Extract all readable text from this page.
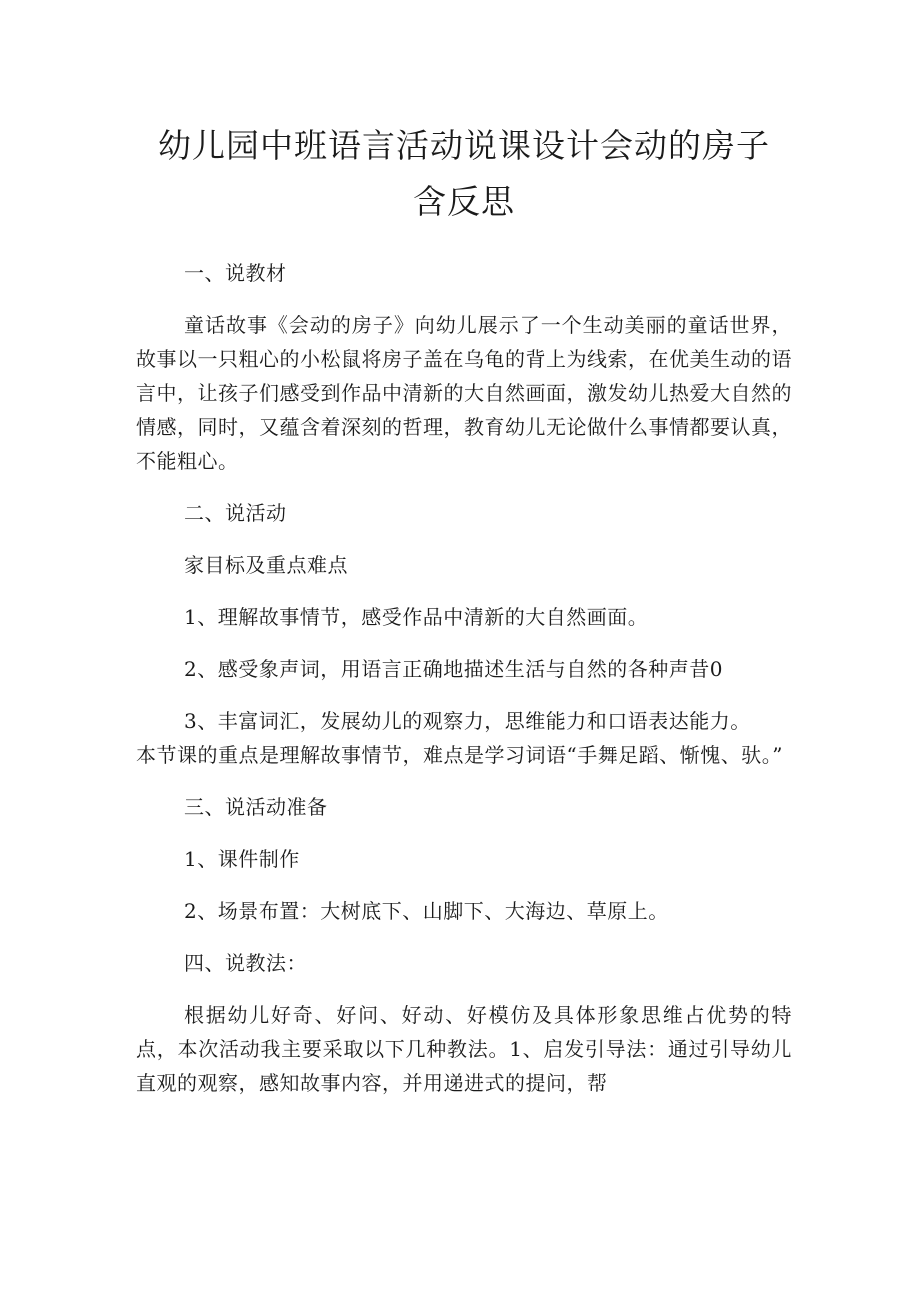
幼儿园中班语言活动说课设计会动的房子
含反思

一、说教材

童话故事《会动的房子》向幼儿展示了一个生动美丽的童话世界，故事以一只粗心的小松鼠将房子盖在乌龟的背上为线索，在优美生动的语言中，让孩子们感受到作品中清新的大自然画面，激发幼儿热爱大自然的情感，同时，又蕴含着深刻的哲理，教育幼儿无论做什么事情都要认真，不能粗心。

二、说活动

家目标及重点难点

1、理解故事情节，感受作品中清新的大自然画面。

2、感受象声词，用语言正确地描述生活与自然的各种声昔0

3、丰富词汇，发展幼儿的观察力，思维能力和口语表达能力。

本节课的重点是理解故事情节，难点是学习词语“手舞足蹈、惭愧、驮。”

三、说活动准备

1、课件制作

2、场景布置：大树底下、山脚下、大海边、草原上。

四、说教法：

根据幼儿好奇、好问、好动、好模仿及具体形象思维占优势的特点，本次活动我主要采取以下几种教法。1、启发引导法：通过引导幼儿直观的观察，感知故事内容，并用递进式的提问，帮
